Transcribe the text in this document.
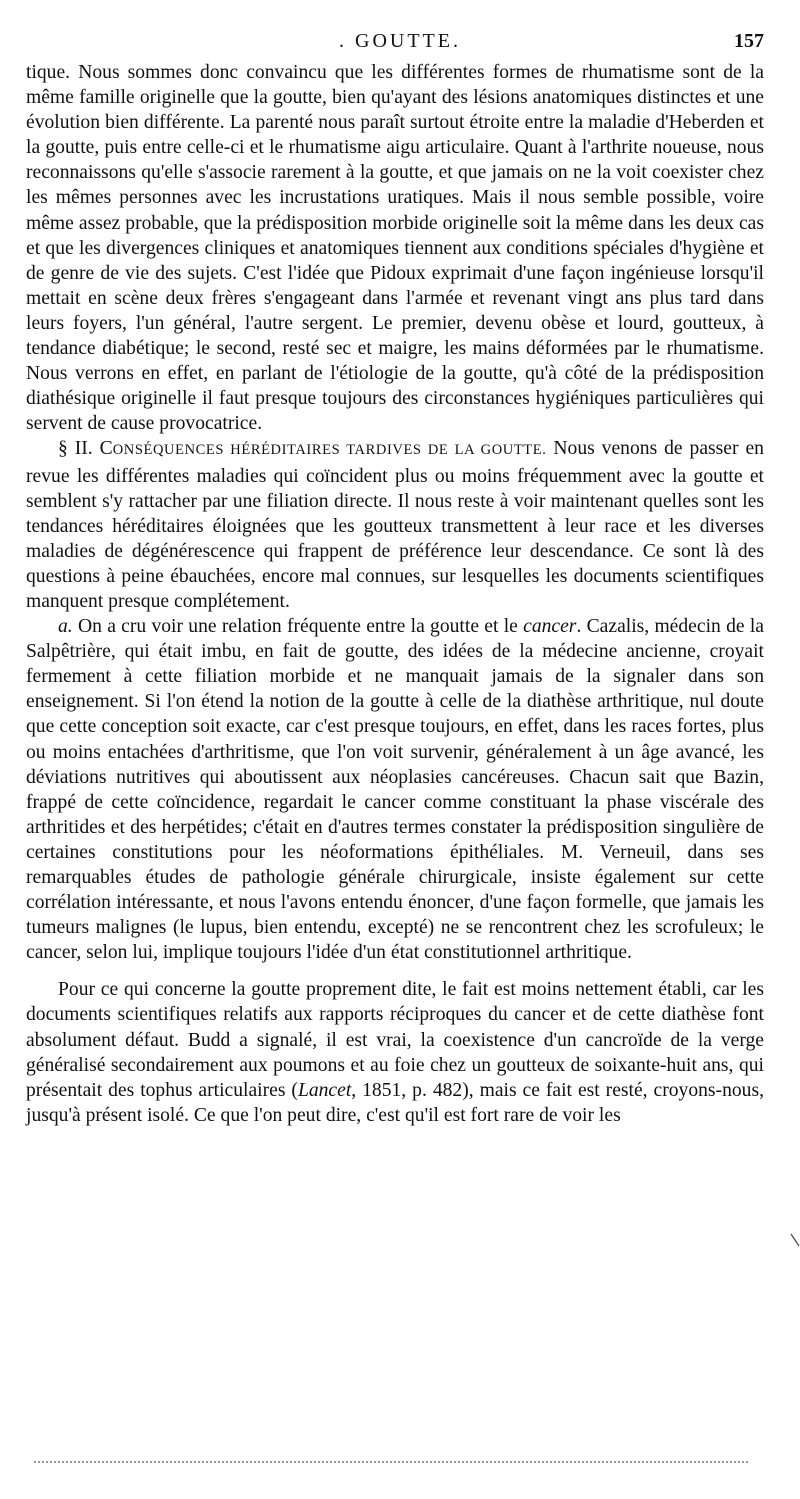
. GOUTTE.	157

tique. Nous sommes donc convaincu que les différentes formes de rhumatisme sont de la même famille originelle que la goutte, bien qu'ayant des lésions anatomiques distinctes et une évolution bien différente. La parenté nous paraît surtout étroite entre la maladie d'Heberden et la goutte, puis entre celle-ci et le rhumatisme aigu articulaire. Quant à l'arthrite noueuse, nous reconnaissons qu'elle s'associe rarement à la goutte, et que jamais on ne la voit coexister chez les mêmes personnes avec les incrustations uratiques. Mais il nous semble possible, voire même assez probable, que la prédisposition morbide originelle soit la même dans les deux cas et que les divergences cliniques et anatomiques tiennent aux conditions spéciales d'hygiène et de genre de vie des sujets. C'est l'idée que Pidoux exprimait d'une façon ingénieuse lorsqu'il mettait en scène deux frères s'engageant dans l'armée et revenant vingt ans plus tard dans leurs foyers, l'un général, l'autre sergent. Le premier, devenu obèse et lourd, goutteux, à tendance diabétique; le second, resté sec et maigre, les mains déformées par le rhumatisme. Nous verrons en effet, en parlant de l'étiologie de la goutte, qu'à côté de la prédisposition diathésique originelle il faut presque toujours des circonstances hygiéniques particulières qui servent de cause provocatrice.

§ II. CONSÉQUENCES HÉRÉDITAIRES TARDIVES DE LA GOUTTE. Nous venons de passer en revue les différentes maladies qui coïncident plus ou moins fréquemment avec la goutte et semblent s'y rattacher par une filiation directe. Il nous reste à voir maintenant quelles sont les tendances héréditaires éloignées que les goutteux transmettent à leur race et les diverses maladies de dégénérescence qui frappent de préférence leur descendance. Ce sont là des questions à peine ébauchées, encore mal connues, sur lesquelles les documents scientifiques manquent presque complétement.

a. On a cru voir une relation fréquente entre la goutte et le cancer. Cazalis, médecin de la Salpêtrière, qui était imbu, en fait de goutte, des idées de la médecine ancienne, croyait fermement à cette filiation morbide et ne manquait jamais de la signaler dans son enseignement. Si l'on étend la notion de la goutte à celle de la diathèse arthritique, nul doute que cette conception soit exacte, car c'est presque toujours, en effet, dans les races fortes, plus ou moins entachées d'arthritisme, que l'on voit survenir, généralement à un âge avancé, les déviations nutritives qui aboutissent aux néoplasies cancéreuses. Chacun sait que Bazin, frappé de cette coïncidence, regardait le cancer comme constituant la phase viscérale des arthritides et des herpétides; c'était en d'autres termes constater la prédisposition singulière de certaines constitutions pour les néoformations épithéliales. M. Verneuil, dans ses remarquables études de pathologie générale chirurgicale, insiste également sur cette corrélation intéressante, et nous l'avons entendu énoncer, d'une façon formelle, que jamais les tumeurs malignes (le lupus, bien entendu, excepté) ne se rencontrent chez les scrofuleux; le cancer, selon lui, implique toujours l'idée d'un état constitutionnel arthritique.

Pour ce qui concerne la goutte proprement dite, le fait est moins nettement établi, car les documents scientifiques relatifs aux rapports réciproques du cancer et de cette diathèse font absolument défaut. Budd a signalé, il est vrai, la coexistence d'un cancroïde de la verge généralisé secondairement aux poumons et au foie chez un goutteux de soixante-huit ans, qui présentait des tophus articulaires (Lancet, 1851, p. 482), mais ce fait est resté, croyons-nous, jusqu'à présent isolé. Ce que l'on peut dire, c'est qu'il est fort rare de voir les
